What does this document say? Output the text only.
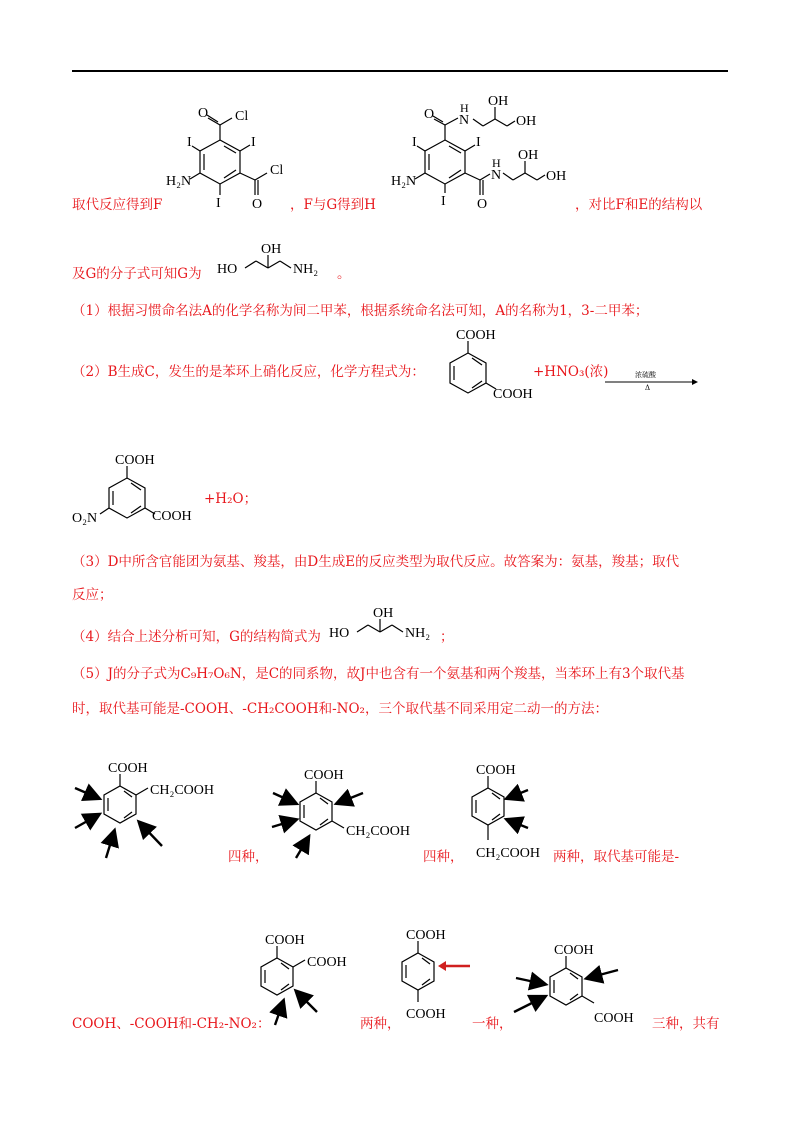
O Cl
I
I
H₂N
Cl
I O
O N
H OH
OH
I
I
H₂N	N
H OH
OH
I O
取代反应得到F	，F与G得到H	，对比F和E的结构以
及G的分子式可知G为 HO
OH
NH₂ 。
（1）根据习惯命名法A的化学名称为间二甲苯，根据系统命名法可知，A的名称为1，3-二甲苯；
（2）B生成C，发生的是苯环上硝化反应，化学方程式为：
COOH
COOH
+HNO₃(浓)	浓硫酸
Δ
COOH
COOH
O₂N
+H₂O；
（3）D中所含官能团为氨基、羧基，由D生成E的反应类型为取代反应。故答案为：氨基，羧基；取代
反应；
（4）结合上述分析可知，G的结构简式为 HO
OH
NH₂ ；
（5）J的分子式为C₉H₇O₆N，是C的同系物，故J中也含有一个氨基和两个羧基，当苯环上有3个取代基
时，取代基可能是-COOH、-CH₂COOH和-NO₂，三个取代基不同采用定二动一的方法：
COOH
CH₂COOH
四种，
COOH
CH₂COOH
四种，
COOH
CH₂COOH 两种，取代基可能是-
COOH、-COOH和-CH₂-NO₂：
COOH
COOH
两种，
COOH
COOH
一种，
COOH
COOH 三种，共有
